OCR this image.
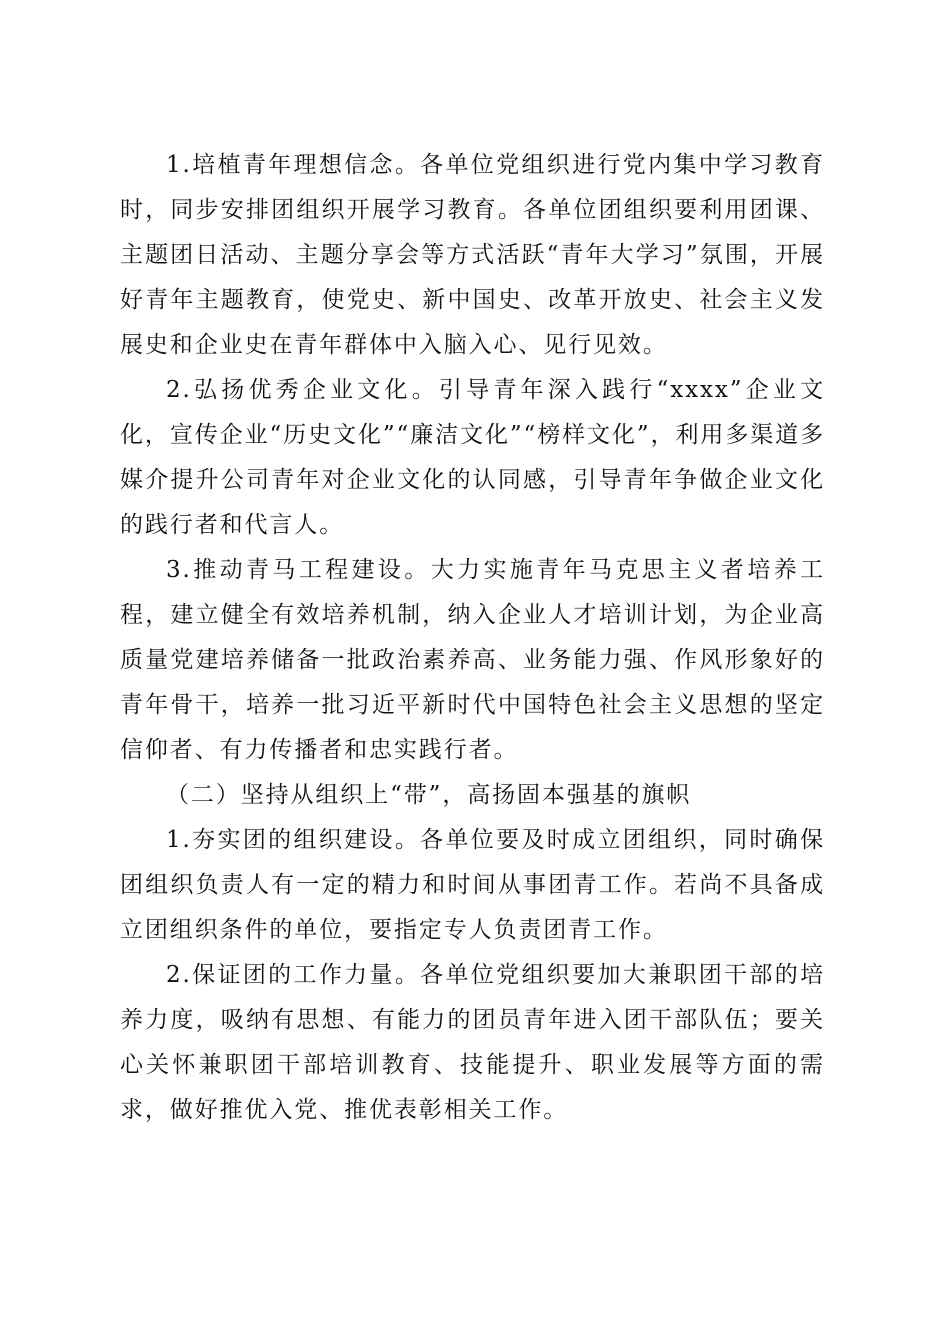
1.培植青年理想信念。各单位党组织进行党内集中学习教育时，同步安排团组织开展学习教育。各单位团组织要利用团课、主题团日活动、主题分享会等方式活跃“青年大学习”氛围，开展好青年主题教育，使党史、新中国史、改革开放史、社会主义发展史和企业史在青年群体中入脑入心、见行见效。

2.弘扬优秀企业文化。引导青年深入践行“xxxx”企业文化，宣传企业“历史文化”“廉洁文化”“榜样文化”，利用多渠道多媒介提升公司青年对企业文化的认同感，引导青年争做企业文化的践行者和代言人。

3.推动青马工程建设。大力实施青年马克思主义者培养工程，建立健全有效培养机制，纳入企业人才培训计划，为企业高质量党建培养储备一批政治素养高、业务能力强、作风形象好的青年骨干，培养一批习近平新时代中国特色社会主义思想的坚定信仰者、有力传播者和忠实践行者。

（二）坚持从组织上“带”，高扬固本强基的旗帜

1.夯实团的组织建设。各单位要及时成立团组织，同时确保团组织负责人有一定的精力和时间从事团青工作。若尚不具备成立团组织条件的单位，要指定专人负责团青工作。

2.保证团的工作力量。各单位党组织要加大兼职团干部的培养力度，吸纳有思想、有能力的团员青年进入团干部队伍；要关心关怀兼职团干部培训教育、技能提升、职业发展等方面的需求，做好推优入党、推优表彰相关工作。
